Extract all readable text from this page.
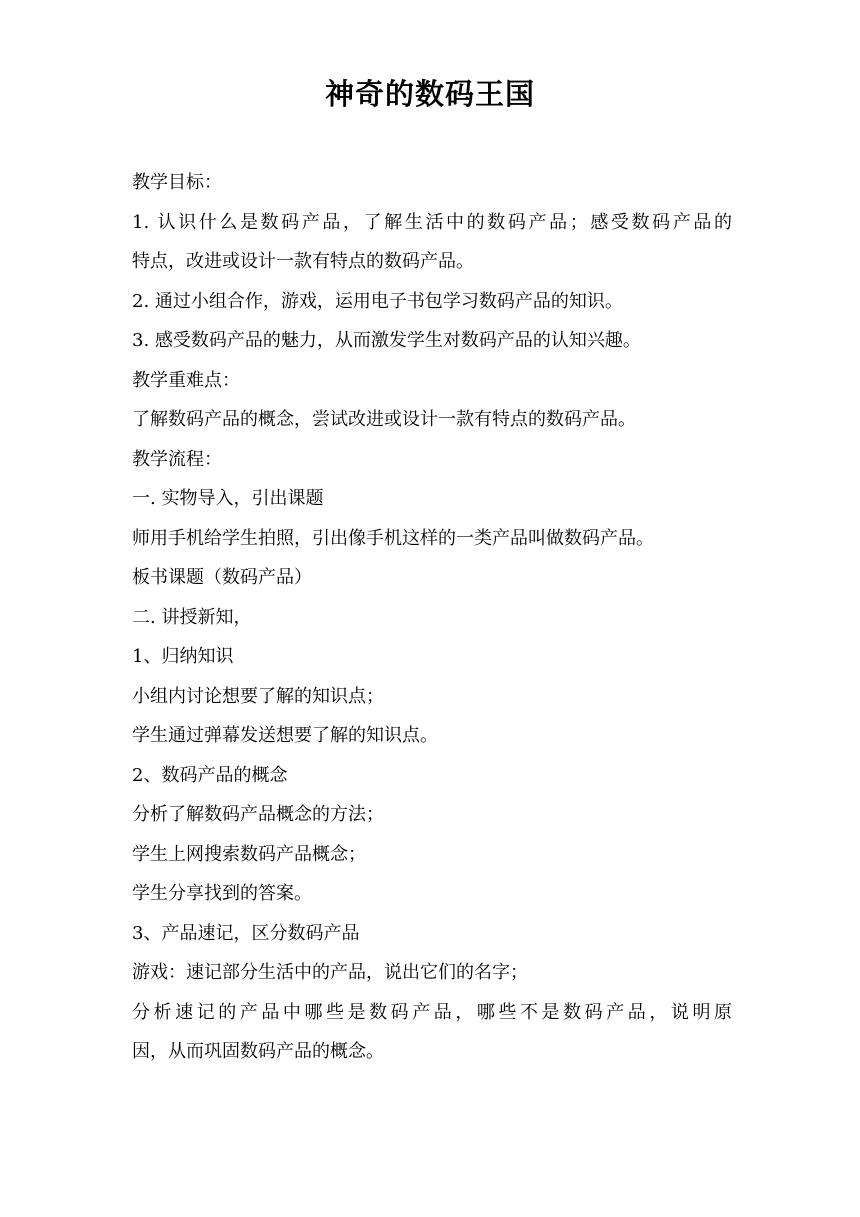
神奇的数码王国

教学目标：

1. 认识什么是数码产品，了解生活中的数码产品；感受数码产品的

特点，改进或设计一款有特点的数码产品。

2. 通过小组合作，游戏，运用电子书包学习数码产品的知识。

3. 感受数码产品的魅力，从而激发学生对数码产品的认知兴趣。

教学重难点：

了解数码产品的概念，尝试改进或设计一款有特点的数码产品。

教学流程：

一. 实物导入，引出课题

师用手机给学生拍照，引出像手机这样的一类产品叫做数码产品。

板书课题（数码产品）

二. 讲授新知，

1、归纳知识

小组内讨论想要了解的知识点；

学生通过弹幕发送想要了解的知识点。

2、数码产品的概念

分析了解数码产品概念的方法；

学生上网搜索数码产品概念；

学生分享找到的答案。

3、产品速记，区分数码产品

游戏：速记部分生活中的产品，说出它们的名字；

分析速记的产品中哪些是数码产品，哪些不是数码产品，说明原

因，从而巩固数码产品的概念。
